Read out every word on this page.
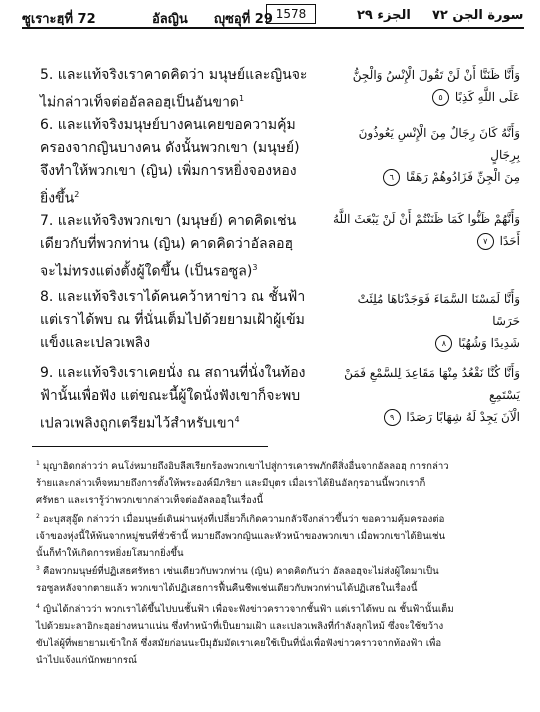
ซูเราะฮฺที่ 72	อัลญิน ญุซอุที่ 29	الجزء ٢٩ سورة الجن ٧٢
1578
5. และแท้จริงเราคาดคิดว่า มนุษย์และญินจะ
ไม่กล่าวเท็จต่ออัลลอฮฺเป็นอันขาด$^1$
وَأَنَّا ظَنَنَّا أَنْ لَنْ تَقُولَ الْإِنْسُ وَالْجِنُّ عَلَى اللَّهِ كَذِبًا ٥
6. และแท้จริงมนุษย์บางคนเคยขอความคุ้ม
ครองจากญินบางคน ดังนั้นพวกเขา (มนุษย์)
จึงทำให้พวกเขา (ญิน) เพิ่มการหยิ่งจองหอง
ยิ่งขึ้น$^2$
وَأَنَّهُ كَانَ رِجَالٌ مِنَ الْإِنْسِ يَعُوذُونَ بِرِجَالٍ
مِنَ الْجِنِّ فَزَادُوهُمْ رَهَقًا ٦
7. และแท้จริงพวกเขา (มนุษย์) คาดคิดเช่น
เดียวกับที่พวกท่าน (ญิน) คาดคิดว่าอัลลอฮฺ
จะไม่ทรงแต่งตั้งผู้ใดขึ้น (เป็นรอซูล)$^3$
وَأَنَّهُمْ ظَنُّوا كَمَا ظَنَنْتُمْ أَنْ لَنْ يَبْعَثَ اللَّهُ أَحَدًا ٧
8. และแท้จริงเราได้คนคว้าหาข่าว ณ ชั้นฟ้า
แต่เราได้พบ ณ ที่นั่นเต็มไปด้วยยามเฝ้าผู้เข้ม
แข็งและเปลวเพลิง
وَأَنَّا لَمَسْنَا السَّمَاءَ فَوَجَدْنَاهَا مُلِئَتْ حَرَسًا
شَدِيدًا وَشُهُبًا ٨
9. และแท้จริงเราเคยนั่ง ณ สถานที่นั่งในท้อง
ฟ้านั้นเพื่อฟัง แต่ขณะนี้ผู้ใดนั่งฟังเขาก็จะพบ
เปลวเพลิงถูกเตรียมไว้สำหรับเขา$^4$
وَأَنَّا كُنَّا نَقْعُدُ مِنْهَا مَقَاعِدَ لِلسَّمْعِ فَمَنْ يَسْتَمِعِ
الْآنَ يَجِدْ لَهُ شِهَابًا رَصَدًا ٩
$^1$ มุญาฮิดกล่าวว่า คนโง่หมายถึงอิบลีสเรียกร้องพวกเขาไปสู่การเคารพภักดีสิ่งอื่นจากอัลลอฮฺ การกล่าว
ร้ายและกล่าวเท็จหมายถึงการตั้งให้พระองค์มีภริยา และมีบุตร เมื่อเราได้ยินอัลกุรอานนี้พวกเราก็
ศรัทธา และเรารู้ว่าพวกเขากล่าวเท็จต่ออัลลอฮฺในเรื่องนี้
$^2$ อะบุสสุอู๊ด กล่าวว่า เมื่อมนุษย์เดินผ่านหุ่งที่เปลี่ยวก็เกิดความกลัวจึงกล่าวขึ้นว่า ขอความคุ้มครองต่อ
เจ้าของหุ่งนี้ให้พ้นจากหมู่ชนที่ชั่วช้านี้ หมายถึงพวกญินและหัวหน้าของพวกเขา เมื่อพวกเขาได้ยินเช่น
นั้นก็ทำให้เกิดการหยิ่งยโสมากยิ่งขึ้น
$^3$ คือพวกมนุษย์ที่ปฏิเสธศรัทธา เช่นเดียวกับพวกท่าน (ญิน) คาดคิดกันว่า อัลลอฮฺจะไม่ส่งผู้ใดมาเป็น
รอซูลหลังจากตายแล้ว พวกเขาได้ปฏิเสธการฟื้นคืนชีพเช่นเดียวกับพวกท่านได้ปฏิเสธในเรื่องนี้
$^4$ ญินได้กล่าวว่า พวกเราได้ขึ้นไปบนชั้นฟ้า เพื่อจะฟังข่าวคราวจากชั้นฟ้า แต่เราได้พบ ณ ชั้นฟ้านั้นเต็ม
ไปด้วยมะลาอิกะฮฺอย่างหนาแน่น ซึ่งทำหน้าที่เป็นยามเฝ้า และเปลวเพลิงที่กำลังลุกไหม้ ซึ่งจะใช้ขว้าง
ขับไล่ผู้ที่พยายามเข้าใกล้ ซึ่งสมัยก่อนนะบีมุฮัมมัดเราเคยใช้เป็นที่นั่งเพื่อฟังข่าวคราวจากท้องฟ้า เพื่อ
นำไปแจ้งแก่นักพยากรณ์
